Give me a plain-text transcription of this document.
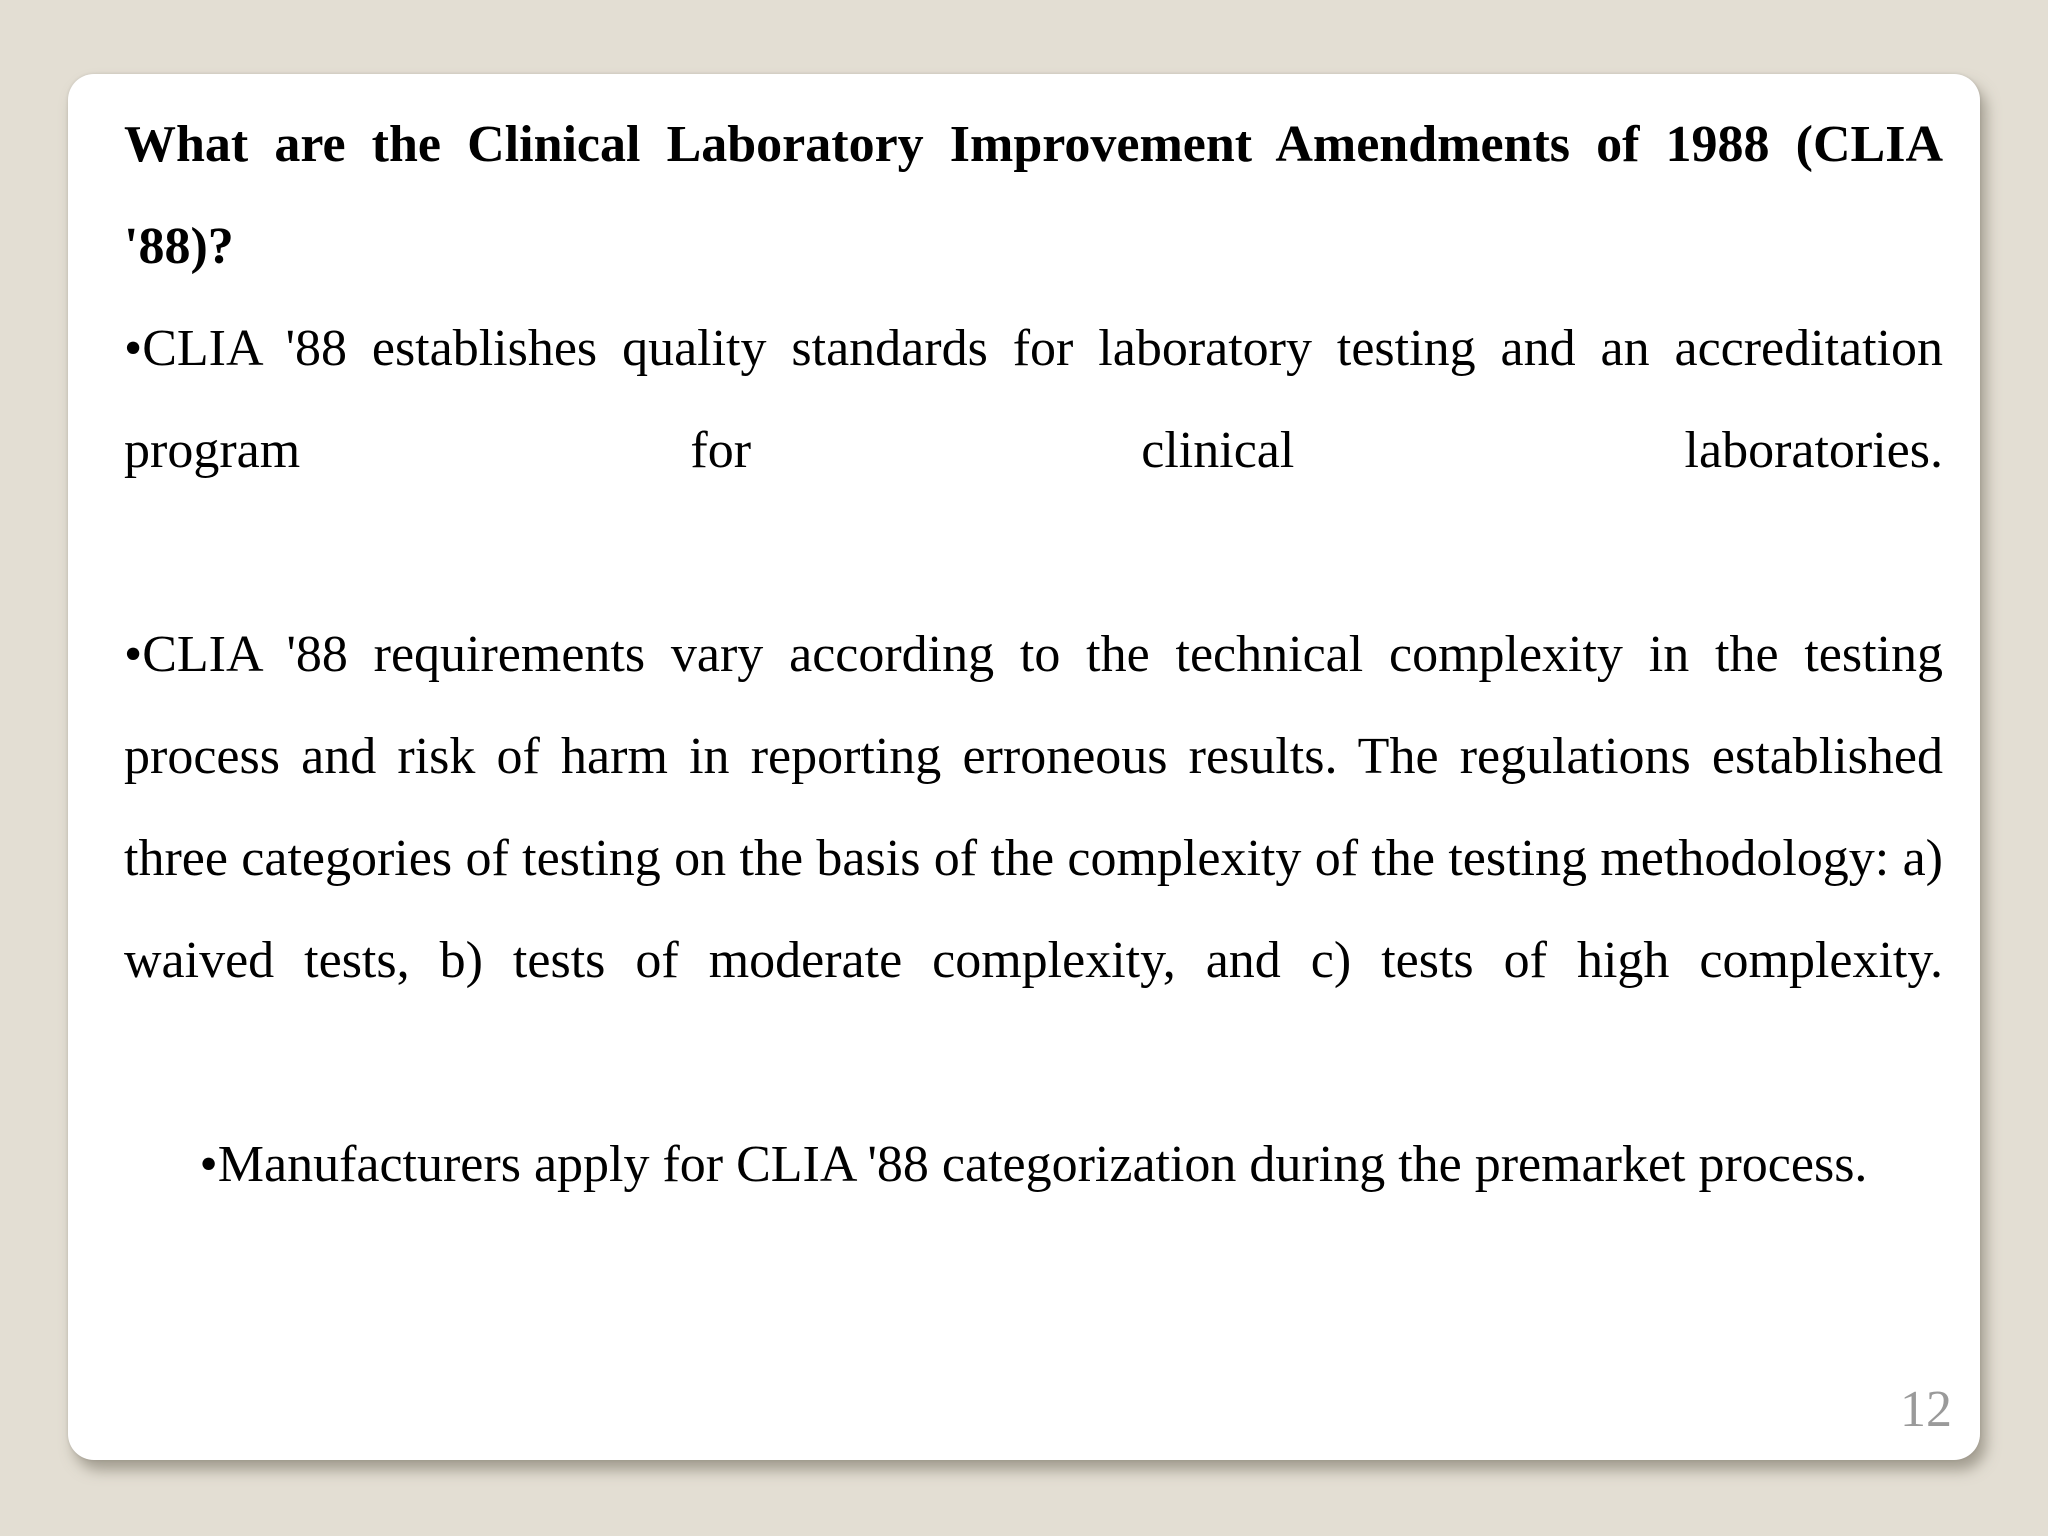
What are the Clinical Laboratory Improvement Amendments of 1988 (CLIA '88)?

•CLIA '88 establishes quality standards for laboratory testing and an accreditation program for clinical laboratories.

•CLIA '88 requirements vary according to the technical complexity in the testing process and risk of harm in reporting erroneous results. The regulations established three categories of testing on the basis of the complexity of the testing methodology: a) waived tests, b) tests of moderate complexity, and c) tests of high complexity.

•Manufacturers apply for CLIA '88 categorization during the premarket process.

12
